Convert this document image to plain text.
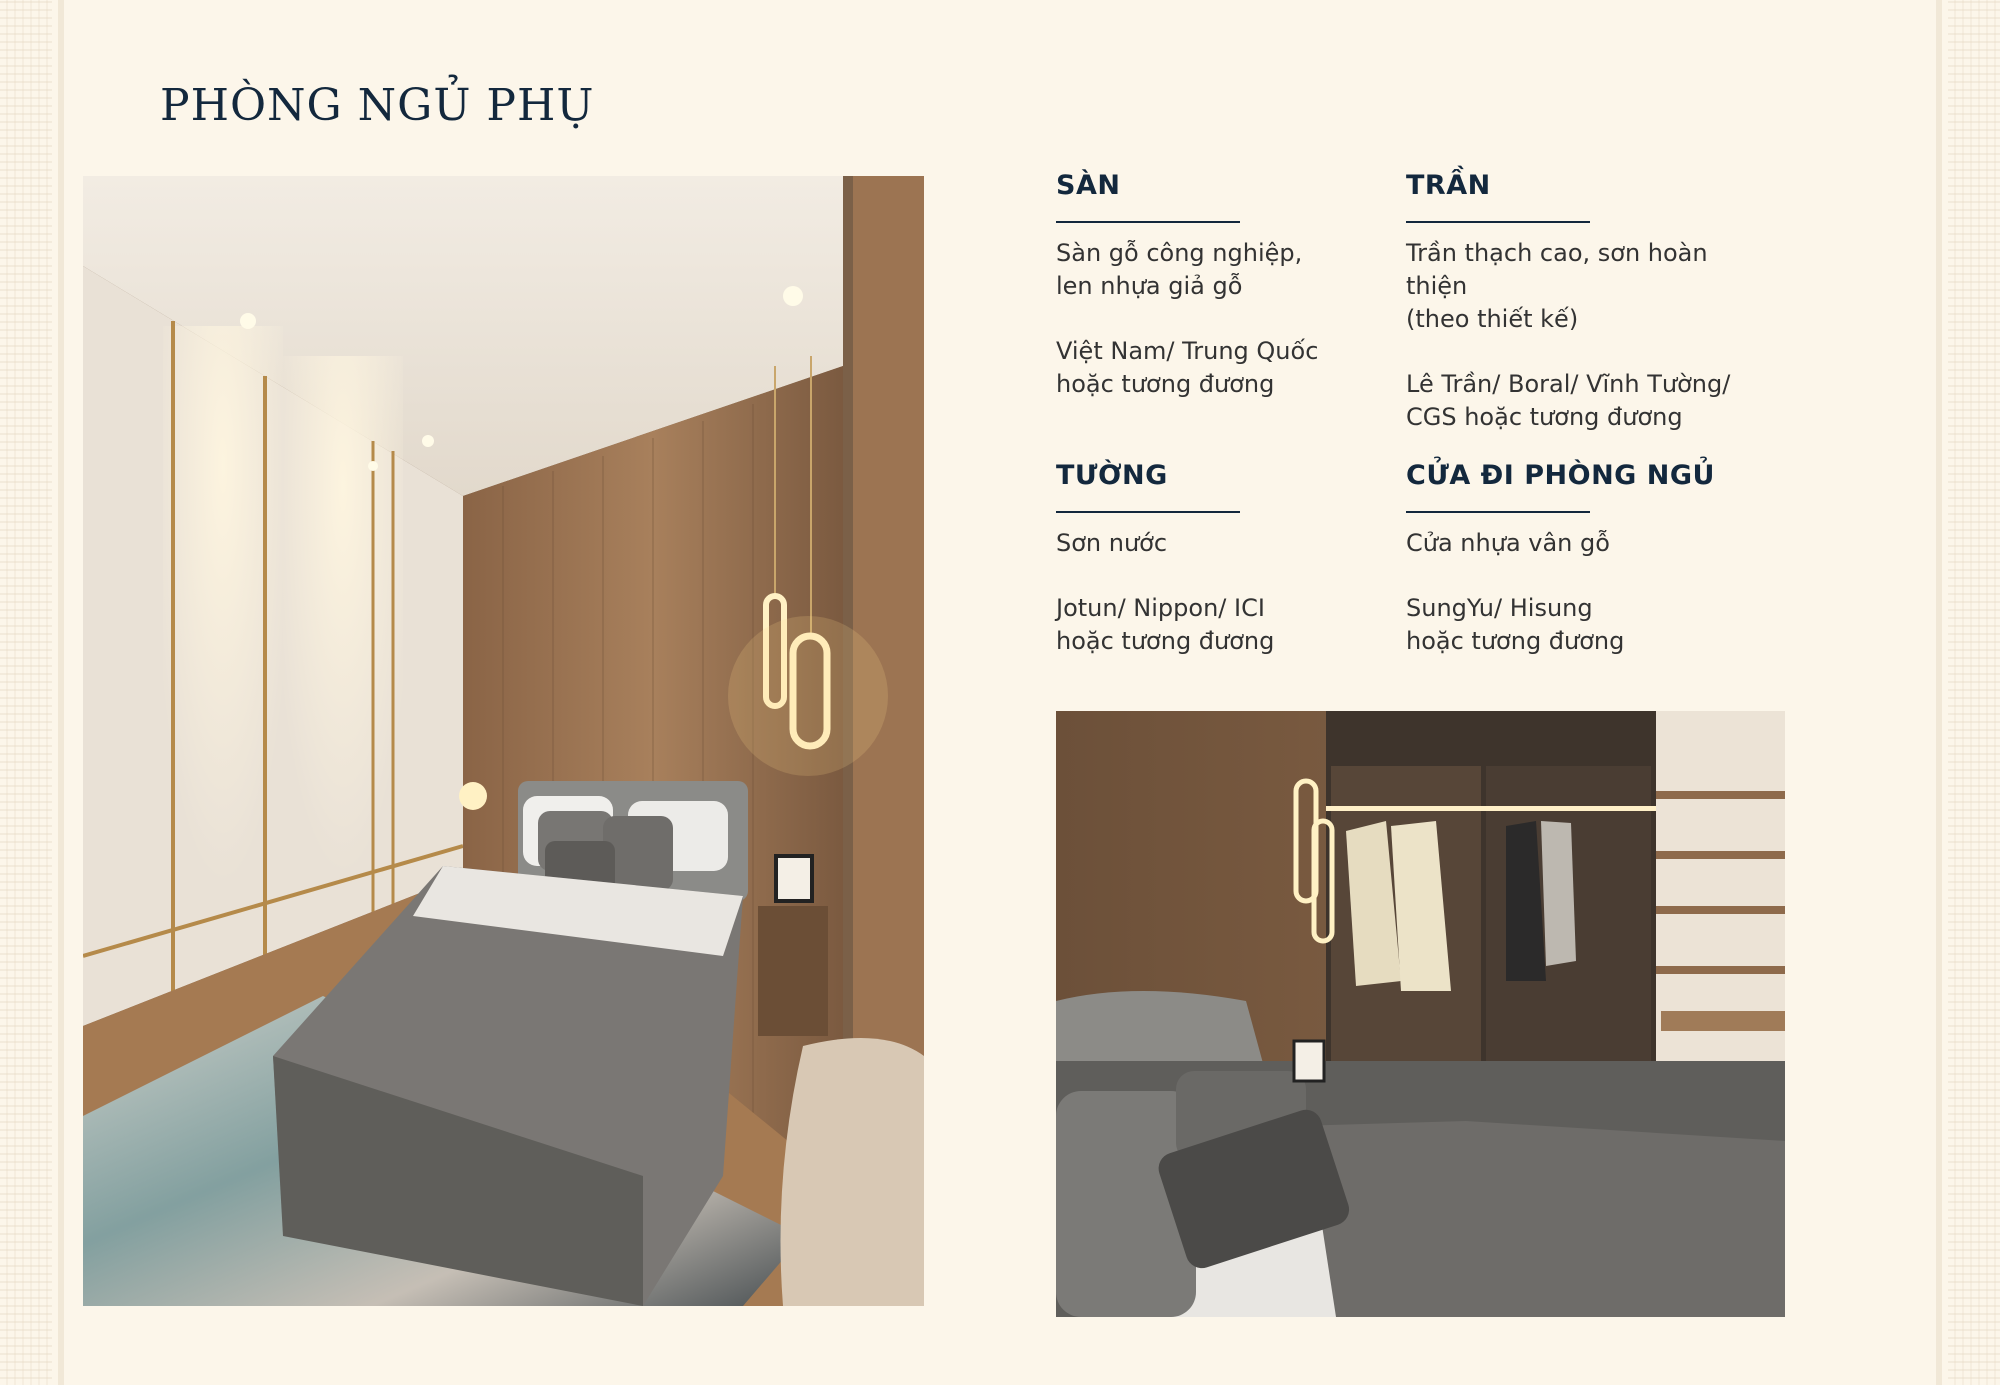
PHÒNG NGỦ PHỤ
SÀN

Sàn gỗ công nghiệp,
len nhựa giả gỗ

Việt Nam/ Trung Quốc
hoặc tương đương

TRẦN

Trần thạch cao, sơn hoàn thiện
(theo thiết kế)

Lê Trần/ Boral/ Vĩnh Tường/
CGS hoặc tương đương

TƯỜNG

Sơn nước

Jotun/ Nippon/ ICI
hoặc tương đương

CỬA ĐI PHÒNG NGỦ

Cửa nhựa vân gỗ

SungYu/ Hisung
hoặc tương đương
